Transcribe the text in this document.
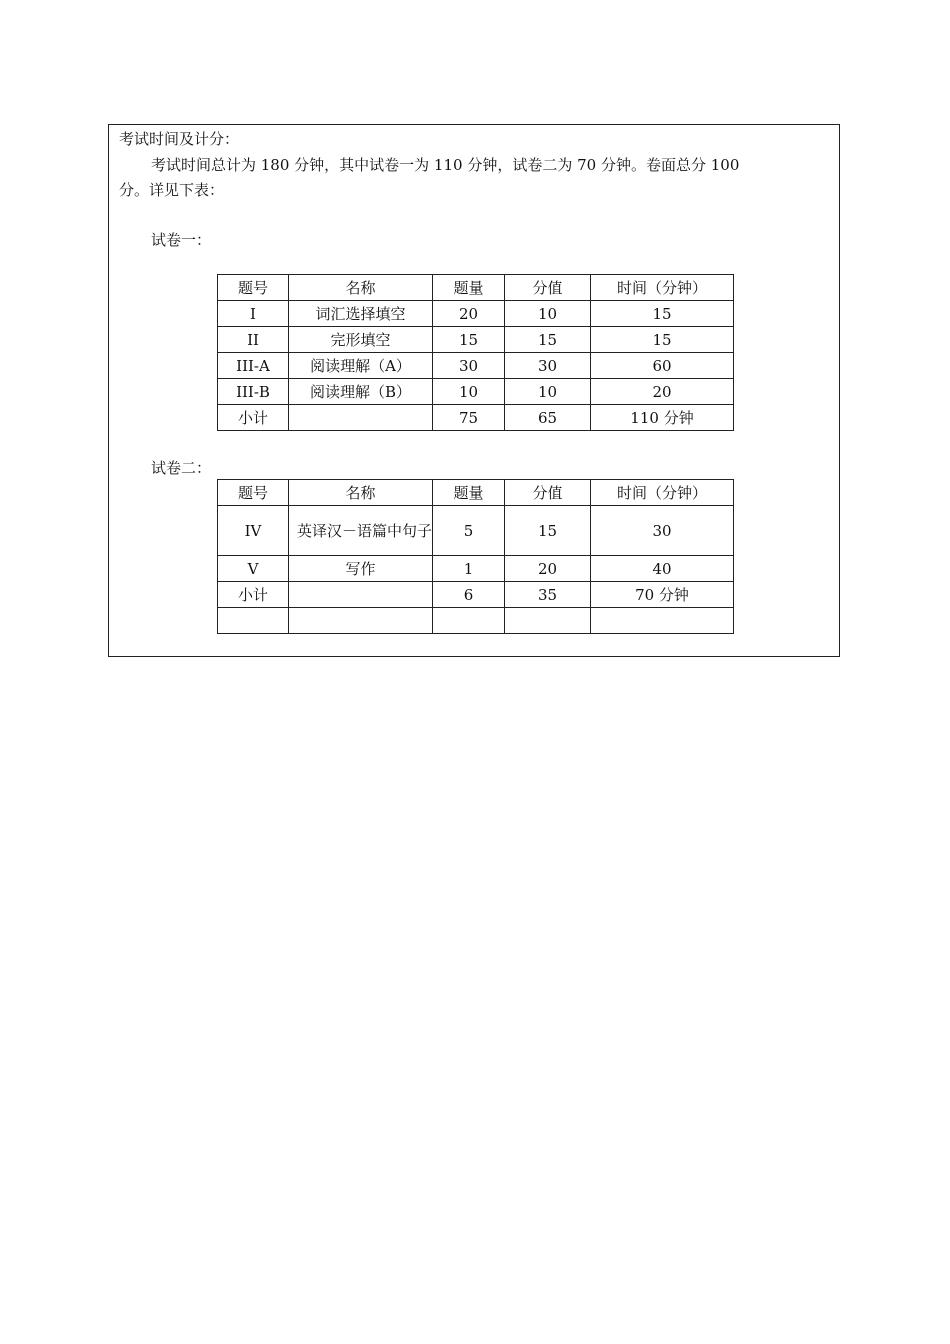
考试时间及计分：
考试时间总计为 180 分钟，其中试卷一为 110 分钟，试卷二为 70 分钟。卷面总分 100
分。详见下表：
试卷一：
题号	名称	题量	分值	时间（分钟）
I	词汇选择填空	20	10	15
II	完形填空	15	15	15
III-A	阅读理解（A）	30	30	60
III-B	阅读理解（B）	10	10	20
小计		75	65	110 分钟
试卷二：
题号	名称	题量	分值	时间（分钟）
IV	英译汉－语篇中句子	5	15	30
V	写作	1	20	40
小计		6	35	70 分钟
